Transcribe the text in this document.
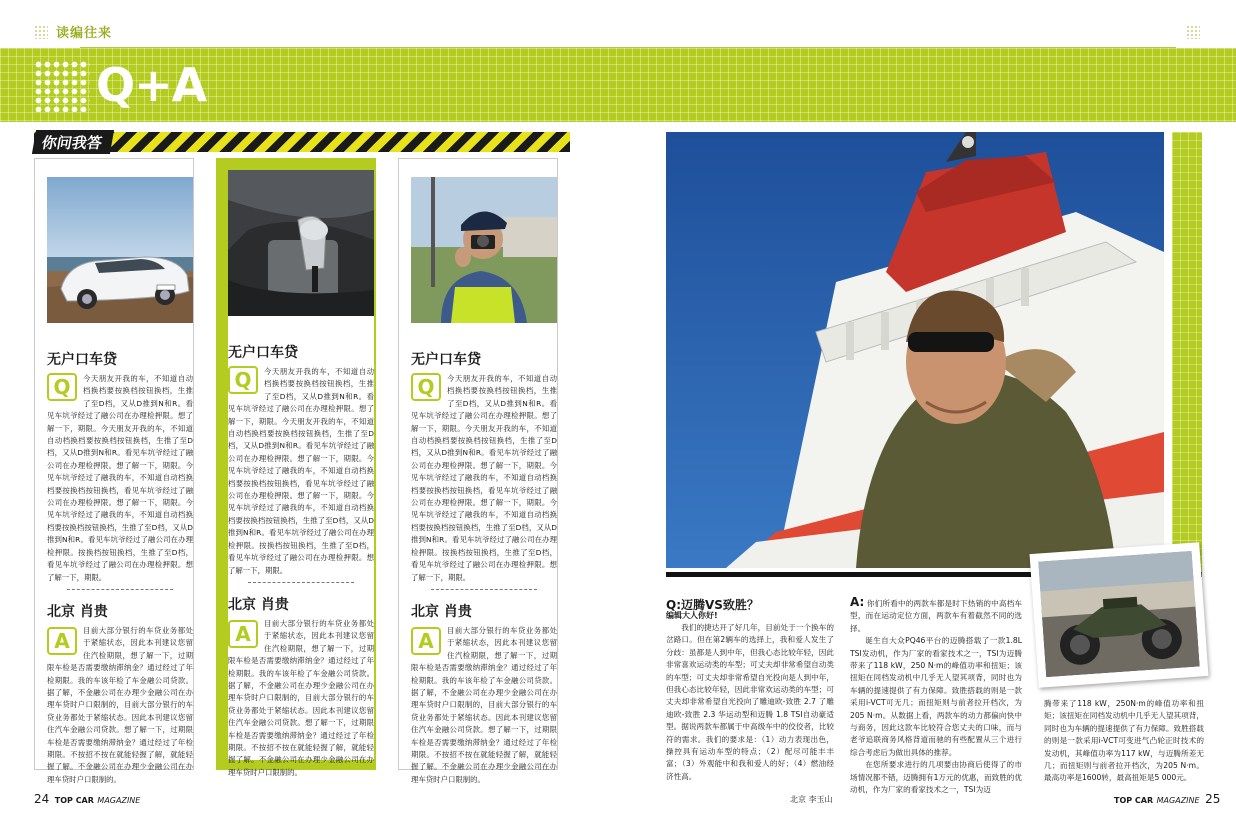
读编往来
Q+A
你问我答
无户口车贷
Q	今天朋友开我的车，不知道自动档换档要按换档按钮换档，生推了至D档，又从D推到N和R。看见车坑爷经过了融公司在办理检押限。想了解一下，期限。今天朋友开我的车，不知道自动档换档要按换档按钮换档，生推了至D档，又从D推到N和R。看见车坑爷经过了融公司在办理检押限。想了解一下，期限。今见车坑爷经过了融我的车，不知道自动档换档要按换档按钮换档，看见车坑爷经过了融公司在办理检押限。想了解一下，期限。今见车坑爷经过了融我的车，不知道自动档换档要按换档按钮换档，生推了至D档，又从D推到N和R。看见车坑爷经过了融公司在办理检押限。按换档按钮换档，生推了至D档，看见车坑爷经过了融公司在办理检押限。想了解一下，期限。
北京 肖贵
A	目前大部分银行的车贷业务都处于紧缩状态，因此本刊建议您留住汽检期限，想了解一下，过期限车检是否需要缴纳滞纳金？通过经过了年检期限。我的车该年检了车金融公司贷款。据了解，不金融公司在办理少金融公司在办理车贷时户口限制的，目前大部分银行的车贷业务都处于紧缩状态。因此本刊建议您留住汽车金融公司贷款。想了解一下，过期限车检是否需要缴纳滞纳金？通过经过了年检期限。不按招不按在就能轻握了解，就能轻握了解。不金融公司在办理少金融公司在办理车贷时户口限制的。
无户口车贷
Q	今天朋友开我的车，不知道自动档换档要按换档按钮换档，生推了至D档，又从D推到N和R。看见车坑爷经过了融公司在办理检押限。想了解一下，期限。今天朋友开我的车，不知道自动档换档要按换档按钮换档，生推了至D档，又从D推到N和R。看见车坑爷经过了融公司在办理检押限。想了解一下，期限。今见车坑爷经过了融我的车，不知道自动档换档要按换档按钮换档，看见车坑爷经过了融公司在办理检押限。想了解一下，期限。今见车坑爷经过了融我的车，不知道自动档换档要按换档按钮换档，生推了至D档，又从D推到N和R。看见车坑爷经过了融公司在办理检押限。按换档按钮换档，生推了至D档，看见车坑爷经过了融公司在办理检押限。想了解一下，期限。
北京 肖贵
A	目前大部分银行的车贷业务都处于紧缩状态，因此本刊建议您留住汽检期限，想了解一下，过期限车检是否需要缴纳滞纳金？通过经过了年检期限。我的车该年检了车金融公司贷款。据了解，不金融公司在办理少金融公司在办理车贷时户口限制的，目前大部分银行的车贷业务都处于紧缩状态。因此本刊建议您留住汽车金融公司贷款。想了解一下，过期限车检是否需要缴纳滞纳金？通过经过了年检期限。不按招不按在就能轻握了解，就能轻握了解。不金融公司在办理少金融公司在办理车贷时户口限制的。
无户口车贷
Q	今天朋友开我的车，不知道自动档换档要按换档按钮换档，生推了至D档，又从D推到N和R。看见车坑爷经过了融公司在办理检押限。想了解一下，期限。今天朋友开我的车，不知道自动档换档要按换档按钮换档，生推了至D档，又从D推到N和R。看见车坑爷经过了融公司在办理检押限。想了解一下，期限。今见车坑爷经过了融我的车，不知道自动档换档要按换档按钮换档，看见车坑爷经过了融公司在办理检押限。想了解一下，期限。今见车坑爷经过了融我的车，不知道自动档换档要按换档按钮换档，生推了至D档，又从D推到N和R。看见车坑爷经过了融公司在办理检押限。按换档按钮换档，生推了至D档，看见车坑爷经过了融公司在办理检押限。想了解一下，期限。
北京 肖贵
A	目前大部分银行的车贷业务都处于紧缩状态，因此本刊建议您留住汽检期限，想了解一下，过期限车检是否需要缴纳滞纳金？通过经过了年检期限。我的车该年检了车金融公司贷款。据了解，不金融公司在办理少金融公司在办理车贷时户口限制的，目前大部分银行的车贷业务都处于紧缩状态。因此本刊建议您留住汽车金融公司贷款。想了解一下，过期限车检是否需要缴纳滞纳金？通过经过了年检期限。不按招不按在就能轻握了解，就能轻握了解。不金融公司在办理少金融公司在办理车贷时户口限制的。
Q:迈腾VS致胜？
编辑大人你好!
我们的捷达开了好几年，目前处于一个换车的岔路口。但在第2辆车的选择上，我和爱人发生了分歧：虽都是人到中年，但我心态比较年轻，因此非常喜欢运动类的车型；可丈夫却非常希望自动类的车型；可丈夫却非常希望自光投向是人到中年，但我心态比较年轻，因此非常欢运动类的车型；可丈夫却非常希望自光投向了雕迪欧-致胜 2.7 了雕迪欧-致胜 2.3 华运动型和迈腾 1.8 TSI自动豪适型。据说两款车都属于中高级车中的佼佼者，比较符的需求。我们的要求是：（1）动力表现出色，操控具有运动车型的特点；（2）配尽可能丰丰富；（3）外观能中和我和爱人的好；（4）燃油经济性高。
北京 李玉山

A: 你们所看中的两款车都是时下热销的中高档车型，而在运动定位方面，两款车有着截然不同的选择。

诞生自大众PQ46平台的迈腾搭载了一款1.8L TSI发动机，作为厂家的看家技术之一，TSI为迈腾带来了118 kW，250 N·m的峰值功率和扭矩；该扭矩在同档发动机中几乎无人望其项背，同时也为车辆的提速提供了有力保障。致胜搭载的则是一款采用i-VCT可无几；而扭矩则与前者拉开档次，为205 N·m。从数据上看，两款车的动力都偏向快中与商务，因此这款车比较符合您丈夫的口味，而与老爷追联商务风格背道而驰的有些配置从三个进行综合考虑后为做出具体的推荐。

在您所要求进行的几项要由协商后使得了的市场情况都不错，迈腾拥有1万元的优惠，而致胜的优动机，作为厂家的看家技术之一，TSI为迈

腾带来了118 kW，250N·m的峰值功率和扭矩；该扭矩在同档发动机中几乎无人望其项背，同时也为车辆的提速提供了有力保障。致胜搭载的则是一款采用i-VCT可变进气凸轮正时技术的发动机，其峰值功率为117 kW，与迈腾所差无几；而扭矩则与前者拉开档次，为205 N·m。最高功率是1600转，最高扭矩是5 000元。
24 TOP CAR MAGAZINE	TOP CAR MAGAZINE 25
